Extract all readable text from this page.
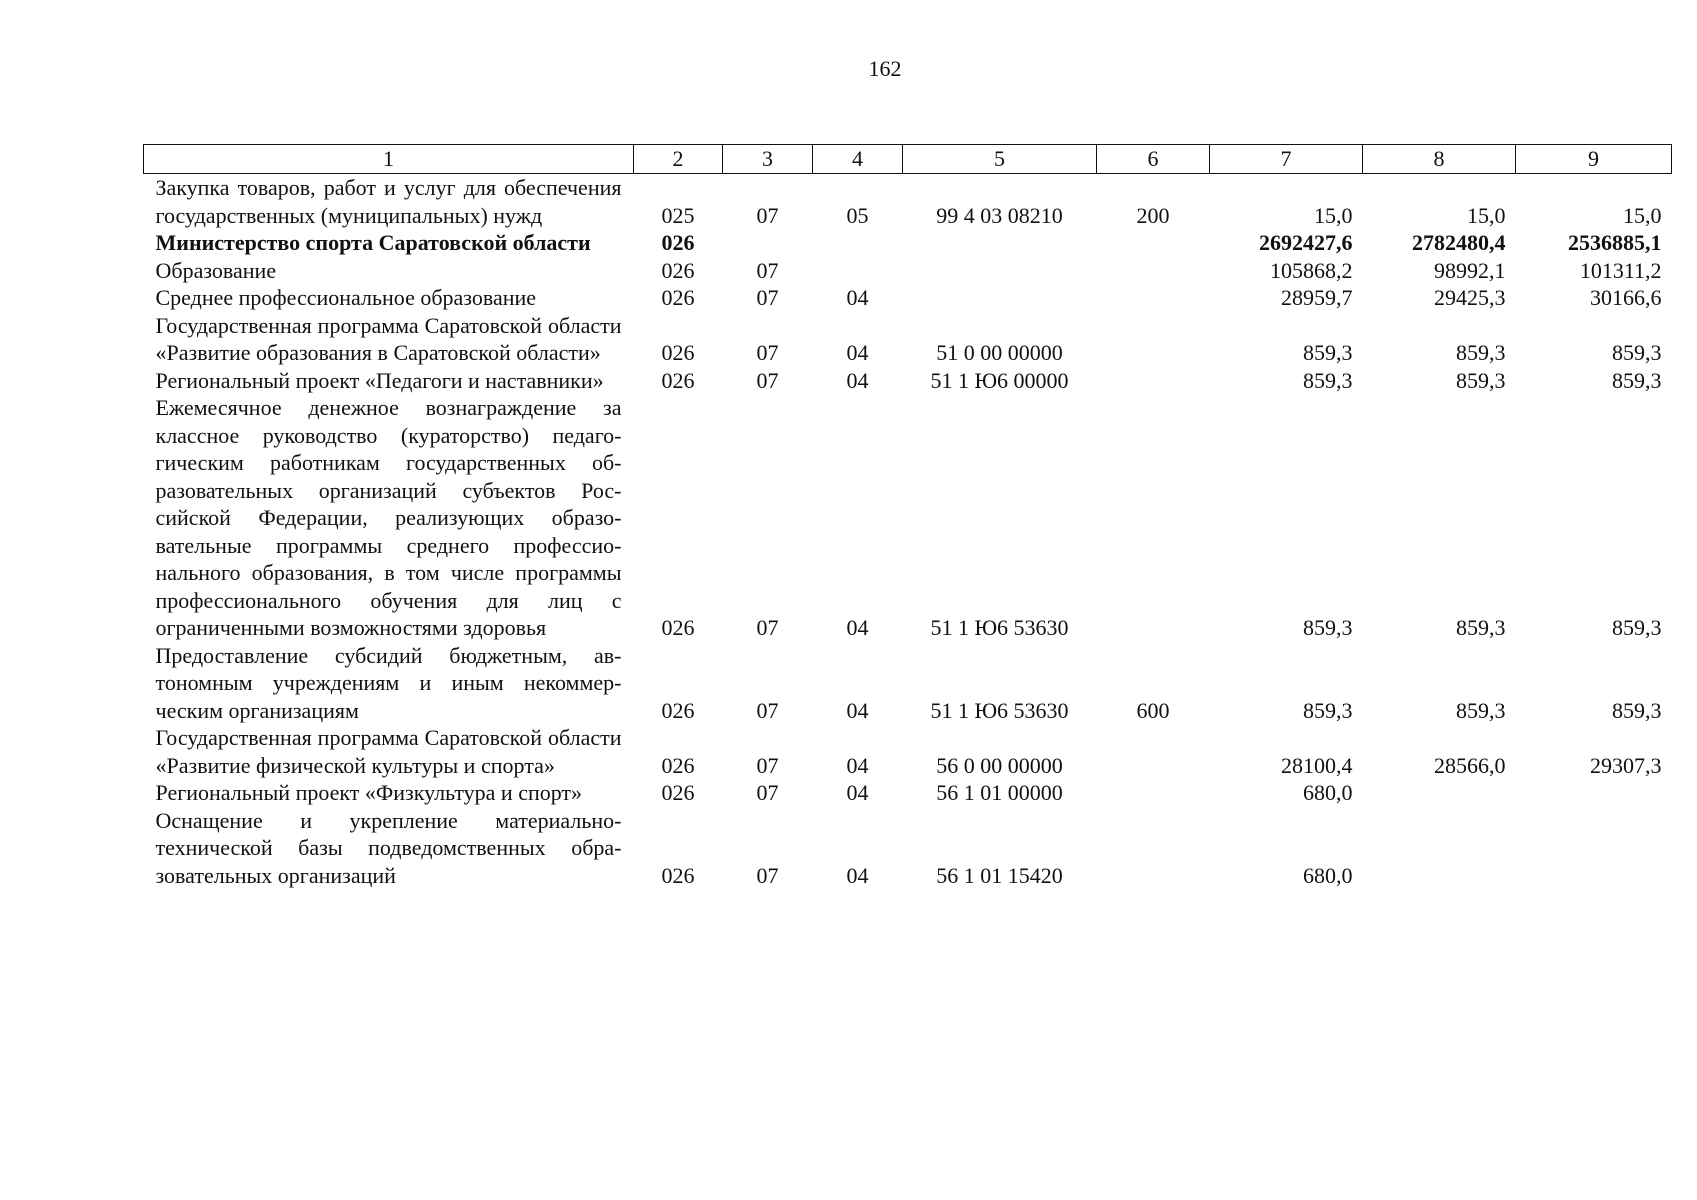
162
1	2	3	4	5	6	7	8	9
Закупка товаров, работ и услуг для обеспечения государственных (муниципальных) нужд	025	07	05	99 4 03 08210	200	15,0	15,0	15,0
Министерство спорта Саратовской области	026					2692427,6	2782480,4	2536885,1
Образование	026	07				105868,2	98992,1	101311,2
Среднее профессиональное образование	026	07	04			28959,7	29425,3	30166,6
Государственная программа Саратовской области «Развитие образования в Саратовской области»	026	07	04	51 0 00 00000		859,3	859,3	859,3
Региональный проект «Педагоги и наставники»	026	07	04	51 1 Ю6 00000		859,3	859,3	859,3
Ежемесячное денежное вознаграждение за классное руководство (кураторство) педагогическим работникам государственных образовательных организаций субъектов Российской Федерации, реализующих образовательные программы среднего профессионального образования, в том числе программы профессионального обучения для лиц с ограниченными возможностями здоровья	026	07	04	51 1 Ю6 53630		859,3	859,3	859,3
Предоставление субсидий бюджетным, автономным учреждениям и иным некоммерческим организациям	026	07	04	51 1 Ю6 53630	600	859,3	859,3	859,3
Государственная программа Саратовской области «Развитие физической культуры и спорта»	026	07	04	56 0 00 00000		28100,4	28566,0	29307,3
Региональный проект «Физкультура и спорт»	026	07	04	56 1 01 00000		680,0		
Оснащение и укрепление материально-технической базы подведомственных образовательных организаций	026	07	04	56 1 01 15420		680,0		
